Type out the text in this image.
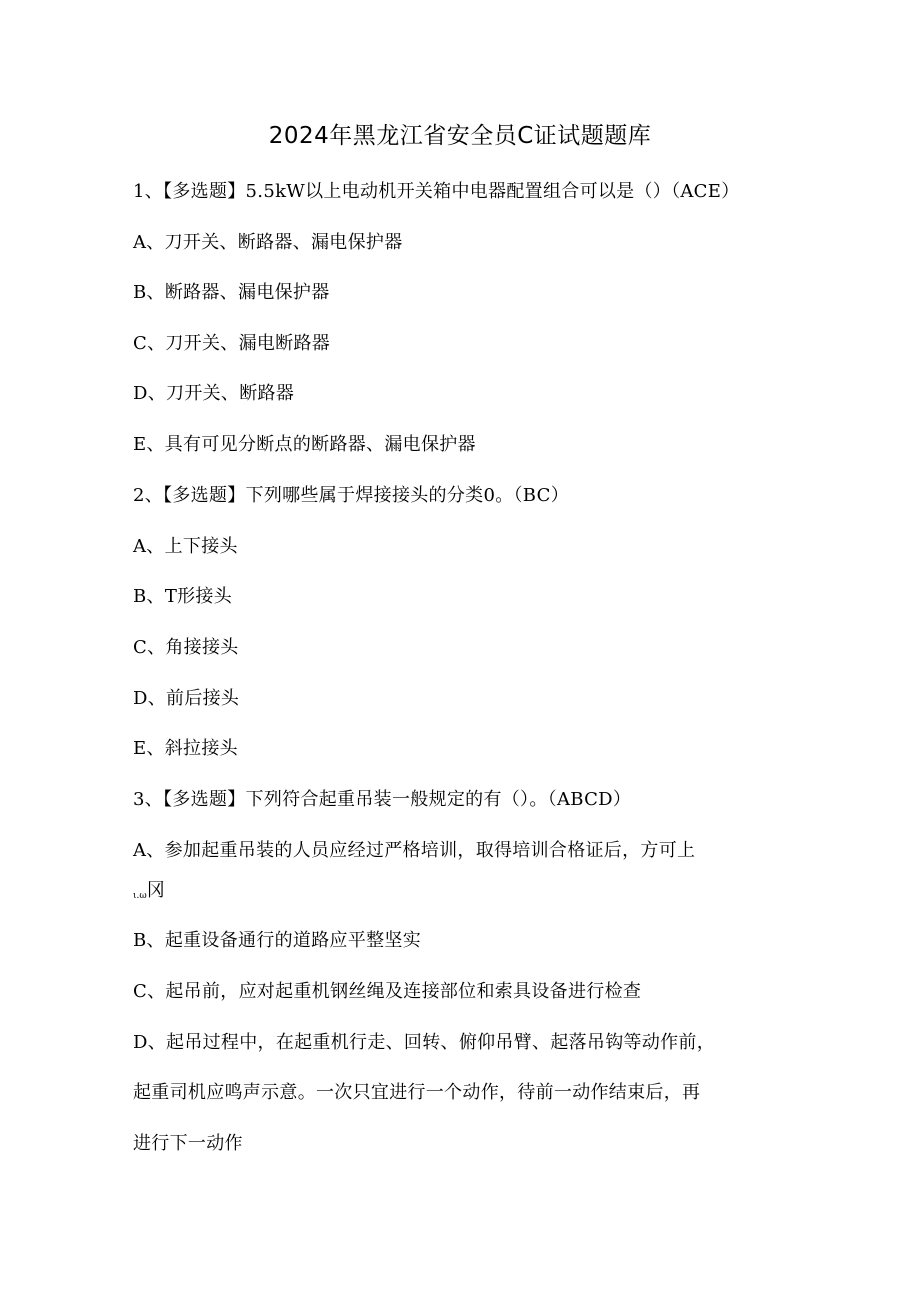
2024年黑龙江省安全员C证试题题库
1、【多选题】5.5kW以上电动机开关箱中电器配置组合可以是（）（ACE）
A、刀开关、断路器、漏电保护器
B、断路器、漏电保护器
C、刀开关、漏电断路器
D、刀开关、断路器
E、具有可见分断点的断路器、漏电保护器
2、【多选题】下列哪些属于焊接接头的分类0。（BC）
A、上下接头
B、T形接头
C、角接接头
D、前后接头
E、斜拉接头
3、【多选题】下列符合起重吊装一般规定的有（）。（ABCD）
A、参加起重吊装的人员应经过严格培训，取得培训合格证后，方可上
ι.ω冈
B、起重设备通行的道路应平整坚实
C、起吊前，应对起重机钢丝绳及连接部位和索具设备进行检查
D、起吊过程中，在起重机行走、回转、俯仰吊臂、起落吊钩等动作前，
起重司机应鸣声示意。一次只宜进行一个动作，待前一动作结束后，再
进行下一动作
